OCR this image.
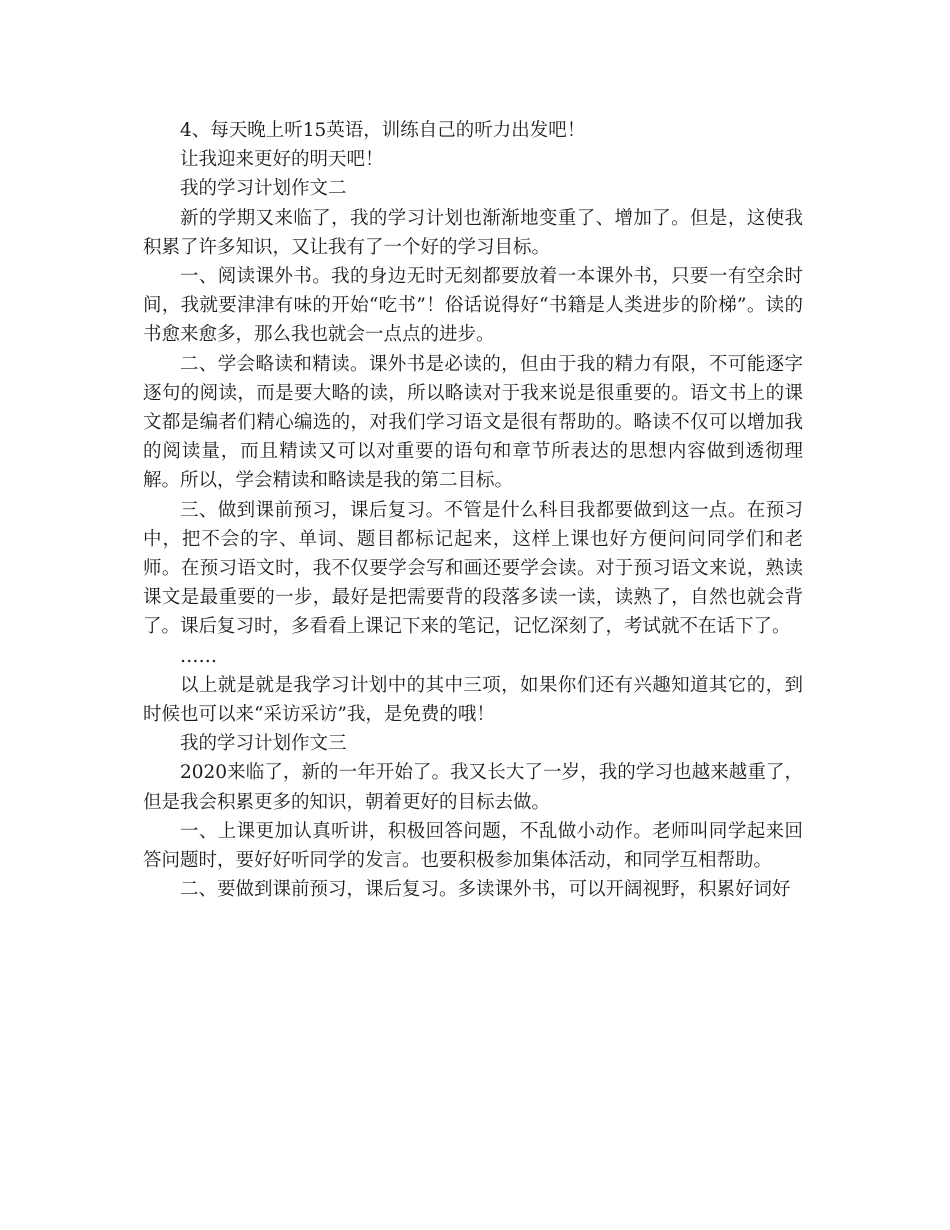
4、每天晚上听15英语，训练自己的听力出发吧！

让我迎来更好的明天吧！

我的学习计划作文二

新的学期又来临了，我的学习计划也渐渐地变重了、增加了。但是，这使我积累了许多知识，又让我有了一个好的学习目标。

一、阅读课外书。我的身边无时无刻都要放着一本课外书，只要一有空余时间，我就要津津有味的开始“吃书”！俗话说得好“书籍是人类进步的阶梯”。读的书愈来愈多，那么我也就会一点点的进步。

二、学会略读和精读。课外书是必读的，但由于我的精力有限，不可能逐字逐句的阅读，而是要大略的读，所以略读对于我来说是很重要的。语文书上的课文都是编者们精心编选的，对我们学习语文是很有帮助的。略读不仅可以增加我的阅读量，而且精读又可以对重要的语句和章节所表达的思想内容做到透彻理解。所以，学会精读和略读是我的第二目标。

三、做到课前预习，课后复习。不管是什么科目我都要做到这一点。在预习中，把不会的字、单词、题目都标记起来，这样上课也好方便问问同学们和老师。在预习语文时，我不仅要学会写和画还要学会读。对于预习语文来说，熟读课文是最重要的一步，最好是把需要背的段落多读一读，读熟了，自然也就会背了。课后复习时，多看看上课记下来的笔记，记忆深刻了，考试就不在话下了。

……

以上就是就是我学习计划中的其中三项，如果你们还有兴趣知道其它的，到时候也可以来“采访采访”我，是免费的哦！

我的学习计划作文三

2020来临了，新的一年开始了。我又长大了一岁，我的学习也越来越重了，但是我会积累更多的知识，朝着更好的目标去做。

一、上课更加认真听讲，积极回答问题，不乱做小动作。老师叫同学起来回答问题时，要好好听同学的发言。也要积极参加集体活动，和同学互相帮助。

二、要做到课前预习，课后复习。多读课外书，可以开阔视野，积累好词好
